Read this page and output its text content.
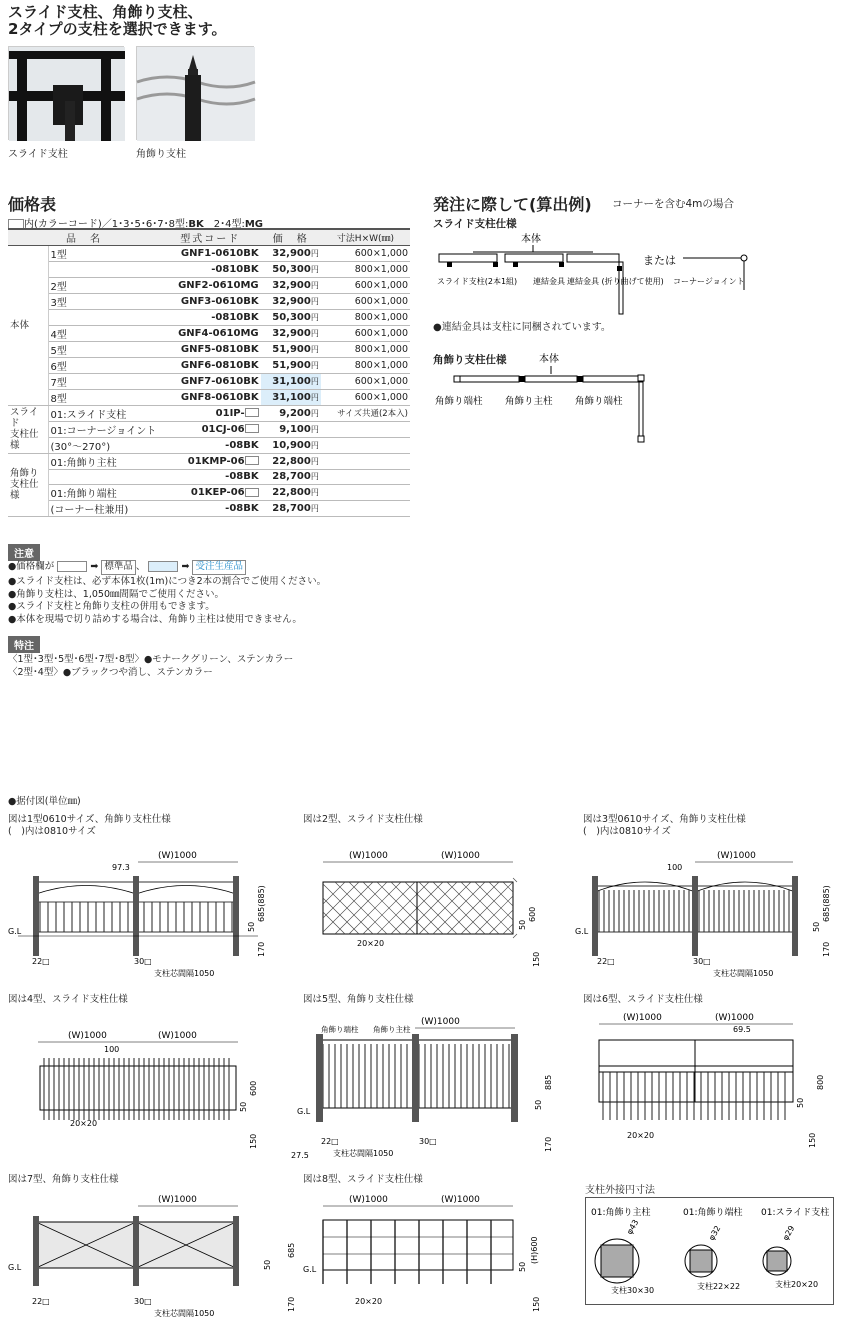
スライド支柱、角飾り支柱、
2タイプの支柱を選択できます。
スライド支柱	角飾り支柱
価格表
内(カラーコード)／1･3･5･6･7･8型:BK　2･4型:MG
品　名		型式コード	価　格	寸法H×W(㎜)
本体	1型	GNF1-0610BK	32,900円	600×1,000
		-0810BK	50,300円	800×1,000
	2型	GNF2-0610MG	32,900円	600×1,000
	3型	GNF3-0610BK	32,900円	600×1,000
		-0810BK	50,300円	800×1,000
	4型	GNF4-0610MG	32,900円	600×1,000
	5型	GNF5-0810BK	51,900円	800×1,000
	6型	GNF6-0810BK	51,900円	800×1,000
	7型	GNF7-0610BK	31,100円	600×1,000
	8型	GNF8-0610BK	31,100円	600×1,000
スライド
支柱仕様	01:スライド支柱	01IP-	9,200円	サイズ共通(2本入)
	01:コーナージョイント	01CJ-06	9,100円	
	(30°～270°)	-08BK	10,900円	
角飾り
支柱仕様	01:角飾り主柱	01KMP-06	22,800円	
		-08BK	28,700円	
	01:角飾り端柱	01KEP-06	22,800円	
	(コーナー柱兼用)	-08BK	28,700円	
注意
●価格欄が	➡ 標準品 、	➡ 受注生産品
●スライド支柱は、必ず本体1枚(1m)につき2本の割合でご使用ください。
●角飾り支柱は、1,050㎜間隔でご使用ください。
●スライド支柱と角飾り支柱の併用もできます。
●本体を現場で切り詰めする場合は、角飾り主柱は使用できません。
特注
〈1型･3型･5型･6型･7型･8型〉●モナークグリーン、ステンカラー
〈2型･4型〉●ブラックつや消し、ステンカラー
発注に際して(算出例) コーナーを含む4mの場合
スライド支柱仕様
本体
スライド支柱(2本1組) 連結金具 連結金具 (折り曲げて使用)
または
コーナージョイント
●連結金具は支柱に同梱されています。
角飾り支柱仕様	本体
角飾り端柱 角飾り主柱 角飾り端柱
●据付図(単位㎜)
図は1型0610サイズ、角飾り支柱仕様
(　)内は0810サイズ
図は2型、スライド支柱仕様	図は3型0610サイズ、角飾り支柱仕様
(　)内は0810サイズ
図は4型、スライド支柱仕様	図は5型、角飾り支柱仕様	図は6型、スライド支柱仕様
図は7型、角飾り支柱仕様	図は8型、スライド支柱仕様
(W)1000
97.3
G.L
685(885)
50
170
22□	30□
支柱芯間隔1050
(W)1000	(W)1000
20×20
600
50
150
(W)1000
100
G.L
685(885)
50
170
22□	30□
支柱芯間隔1050
(W)1000	(W)1000
100
20×20
600
50
150
(W)1000
角飾り端柱 角飾り主柱
G.L
27.5
22□	30□
支柱芯間隔1050
885
50
170
(W)1000	(W)1000
69.5
20×20
800
50
150
(W)1000
G.L
22□	30□
支柱芯間隔1050
685
50
170
(W)1000	(W)1000
G.L
20×20
(H)600
50
150
支柱外接円寸法
01:角飾り主柱	01:角飾り端柱 01:スライド支柱
φ43	φ32	φ29
支柱30×30	支柱22×22	支柱20×20
